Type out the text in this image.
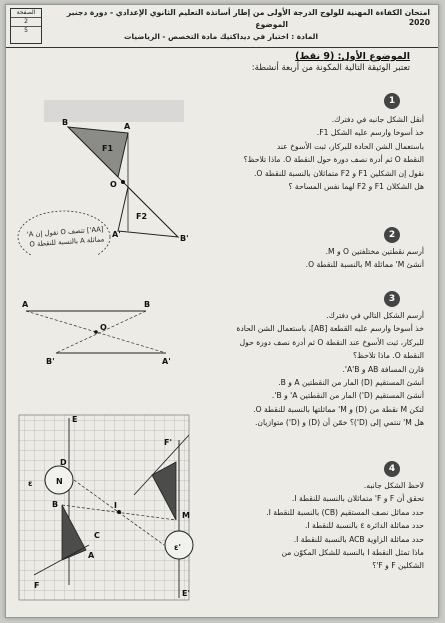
الصفحة
2
5
امتحان الكفاءة المهنية للولوج الدرجة الأولى من إطار أساتذة التعليم الثانوي الإعدادي - دورة دجنبر 2020
الموضوع
المادة : اختبار في ديداكتيك مادة التخصص - الرياضيات
الموضوع الأول: (9 نقط)
تعتبر الوثيقة التالية المكونة من أربعة أنشطة:
1
أنقل الشكل جانبه في دفترك.
خذ أسوخا وارسم عليه الشكل F1.
باستعمال الشن الحادة للبركار، ثبت الأسوخ عند
النقطة O ثم أدرة نصف دورة حول النقطة O. ماذا تلاحظ؟
نقول إن الشكلين F1 و F2 متماثلان بالنسبة للنقطة O.
هل الشكلان F1 و F2 لهما نفس المساحة ؟
B	A
F1
O
F2
A'	B'
[AA'] تتصف O نقول إن A' مماثلة A بالنسبة للنقطة O	2
أرسم نقطتين مختلفتين O و M.
أنشئ M' مماثلة M بالنسبة للنقطة O.
3
أرسم الشكل التالي في دفترك.
خذ أسوخا وارسم عليه القطعة [AB]، باستعمال الشن الحادة
للبركار، ثبت الأسوخ عند النقطة O ثم أدرة نصف دورة حول
النقطة O. ماذا تلاحظ؟
قارن المسافة AB و A'B'.
أنشئ المستقيم (D) المار من النقطتين A و B.
أنشئ المستقيم (D') المار من النقطتين A' و B'.
لتكن M نقطة من (D) و M' مماثلتها بالنسبة للنقطة O.
هل M' تنتمي إلى (D')؟ خمّن أن (D) و (D') متوازيان.
A	B
O
B'	A'
4
لاحظ الشكل جانبه.
تحقق أن F و F' متماثلان بالنسبة للنقطة I.
حدد مماثل نصف المستقيم (CB) بالنسبة للنقطة I.
حدد مماثلة الدائرة ε بالنسبة للنقطة I.
حدد مماثلة الزاوية ACB بالنسبة للنقطة I.
ماذا تمثل النقطة I بالنسبة للشكل المكوّن من
الشكلين F و F'؟
E
F'
D
N
ε
B
M
I
A
C
ε'
F
E'
